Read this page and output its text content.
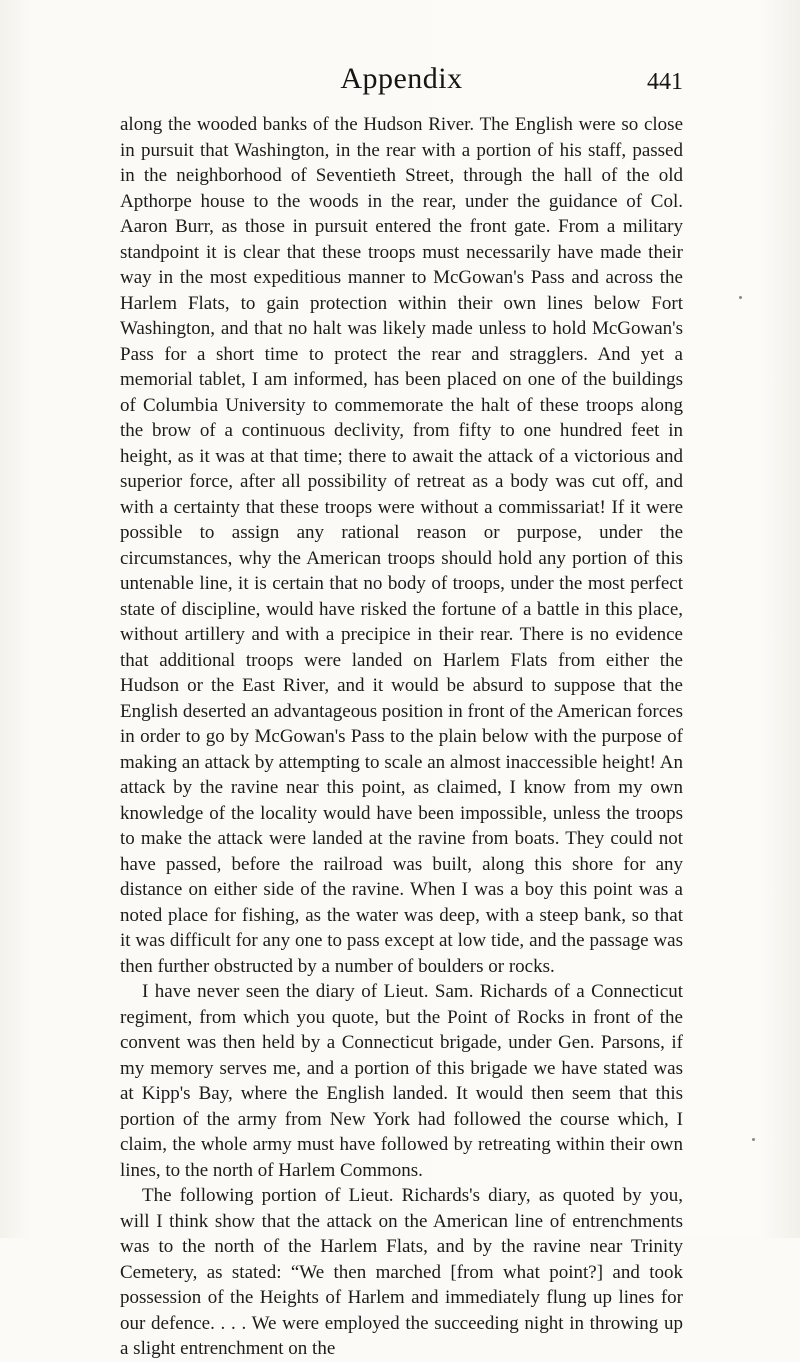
Appendix	441

along the wooded banks of the Hudson River. The English were so close in pursuit that Washington, in the rear with a portion of his staff, passed in the neighborhood of Seventieth Street, through the hall of the old Apthorpe house to the woods in the rear, under the guidance of Col. Aaron Burr, as those in pursuit entered the front gate. From a military standpoint it is clear that these troops must necessarily have made their way in the most expeditious manner to McGowan's Pass and across the Harlem Flats, to gain protection within their own lines below Fort Washington, and that no halt was likely made unless to hold McGowan's Pass for a short time to protect the rear and stragglers. And yet a memorial tablet, I am informed, has been placed on one of the buildings of Columbia University to commemorate the halt of these troops along the brow of a continuous declivity, from fifty to one hundred feet in height, as it was at that time; there to await the attack of a victorious and superior force, after all possibility of retreat as a body was cut off, and with a certainty that these troops were without a commissariat! If it were possible to assign any rational reason or purpose, under the circumstances, why the American troops should hold any portion of this untenable line, it is certain that no body of troops, under the most perfect state of discipline, would have risked the fortune of a battle in this place, without artillery and with a precipice in their rear. There is no evidence that additional troops were landed on Harlem Flats from either the Hudson or the East River, and it would be absurd to suppose that the English deserted an advantageous position in front of the American forces in order to go by McGowan's Pass to the plain below with the purpose of making an attack by attempting to scale an almost inaccessible height! An attack by the ravine near this point, as claimed, I know from my own knowledge of the locality would have been impossible, unless the troops to make the attack were landed at the ravine from boats. They could not have passed, before the railroad was built, along this shore for any distance on either side of the ravine. When I was a boy this point was a noted place for fishing, as the water was deep, with a steep bank, so that it was difficult for any one to pass except at low tide, and the passage was then further obstructed by a number of boulders or rocks.

I have never seen the diary of Lieut. Sam. Richards of a Connecticut regiment, from which you quote, but the Point of Rocks in front of the convent was then held by a Connecticut brigade, under Gen. Parsons, if my memory serves me, and a portion of this brigade we have stated was at Kipp's Bay, where the English landed. It would then seem that this portion of the army from New York had followed the course which, I claim, the whole army must have followed by retreating within their own lines, to the north of Harlem Commons.

The following portion of Lieut. Richards's diary, as quoted by you, will I think show that the attack on the American line of entrenchments was to the north of the Harlem Flats, and by the ravine near Trinity Cemetery, as stated: “We then marched [from what point?] and took possession of the Heights of Harlem and immediately flung up lines for our defence. . . . We were employed the succeeding night in throwing up a slight entrenchment on the
